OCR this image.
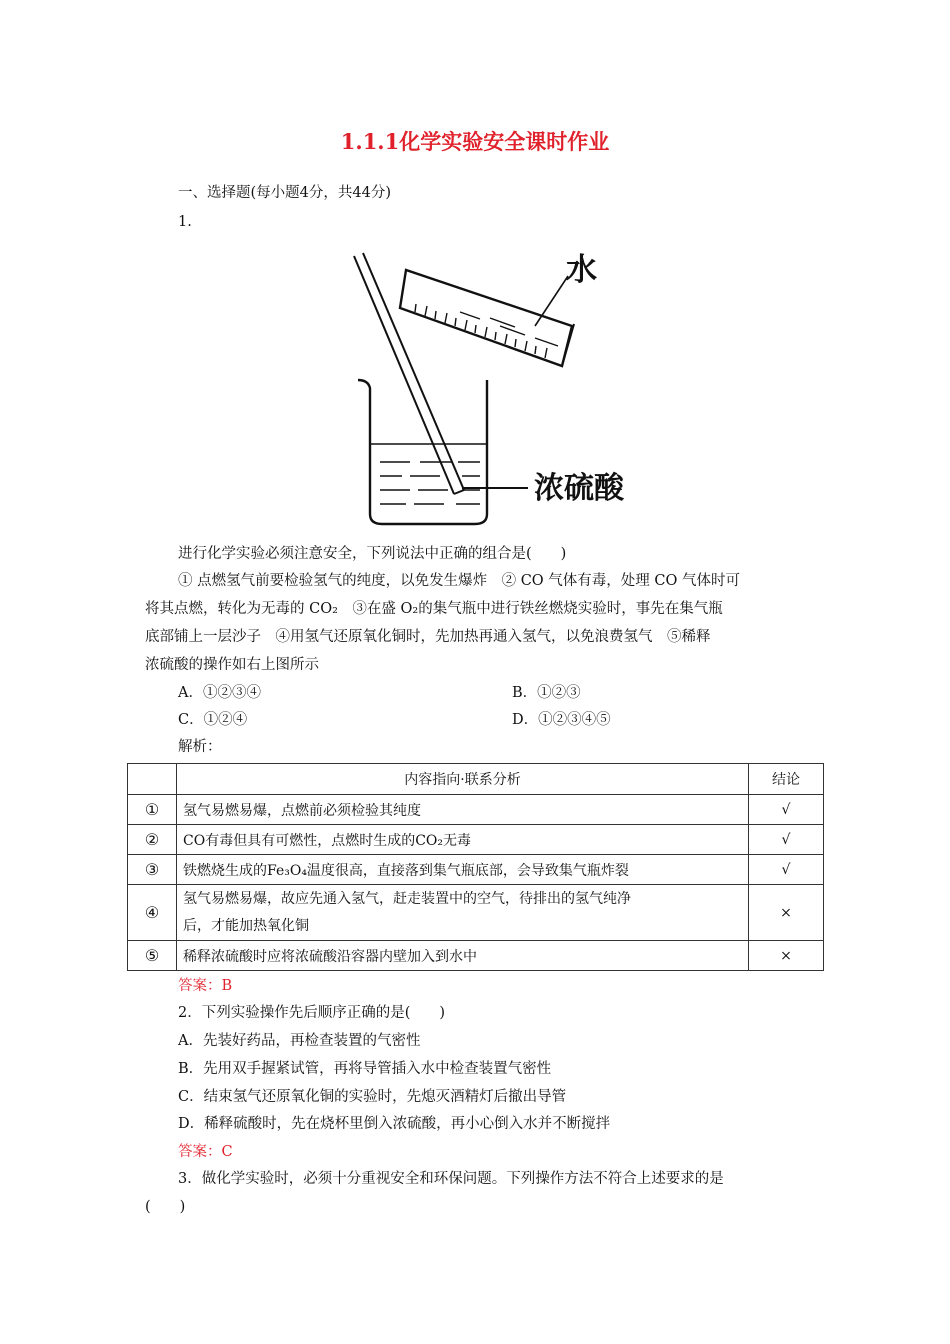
1.1.1化学实验安全课时作业
一、选择题(每小题4分，共44分)
1.
水
浓硫酸
进行化学实验必须注意安全，下列说法中正确的组合是(　　)
① 点燃氢气前要检验氢气的纯度，以免发生爆炸　② CO 气体有毒，处理 CO 气体时可
将其点燃，转化为无毒的 CO₂　③在盛 O₂的集气瓶中进行铁丝燃烧实验时，事先在集气瓶
底部铺上一层沙子　④用氢气还原氧化铜时，先加热再通入氢气，以免浪费氢气　⑤稀释
浓硫酸的操作如右上图所示
A．①②③④	B．①②③
C．①②④	D．①②③④⑤
解析：
	内容指向·联系分析	结论
①	氢气易燃易爆，点燃前必须检验其纯度	√
②	CO有毒但具有可燃性，点燃时生成的CO₂无毒	√
③	铁燃烧生成的Fe₃O₄温度很高，直接落到集气瓶底部，会导致集气瓶炸裂	√
④	氢气易燃易爆，故应先通入氢气，赶走装置中的空气，待排出的氢气纯净
后，才能加热氧化铜	×
⑤	稀释浓硫酸时应将浓硫酸沿容器内壁加入到水中	×
答案：B
2．下列实验操作先后顺序正确的是(　　)
A．先装好药品，再检查装置的气密性
B．先用双手握紧试管，再将导管插入水中检查装置气密性
C．结束氢气还原氧化铜的实验时，先熄灭酒精灯后撤出导管
D．稀释硫酸时，先在烧杯里倒入浓硫酸，再小心倒入水并不断搅拌
答案：C
3．做化学实验时，必须十分重视安全和环保问题。下列操作方法不符合上述要求的是
(　　)
